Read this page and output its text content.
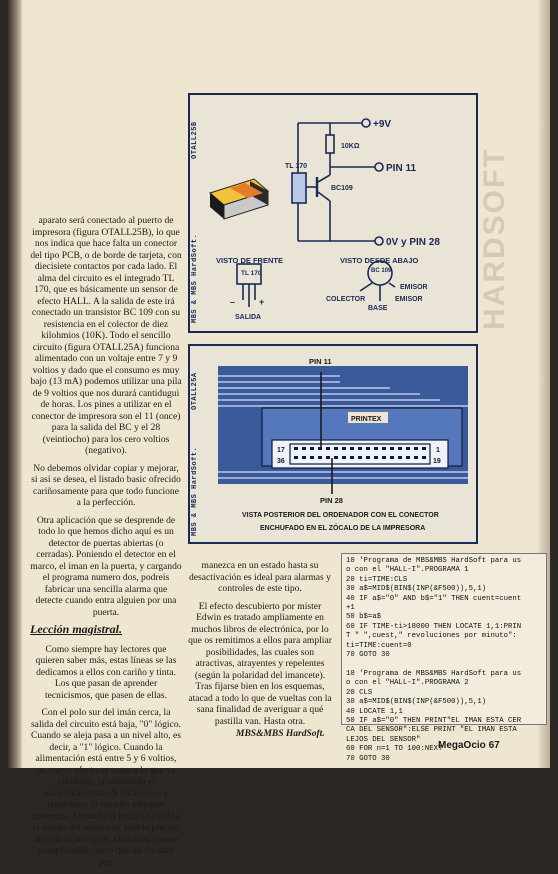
OTALL25B
MBS & MBS HardSoft.
+9V
10KΩ
TL 170
BC109
PIN 11
0V y PIN 28
VISTO DE FRENTE
TL 170
–	+
SALIDA
VISTO DESDE ABAJO
BC 109
EMISOR
COLECTOR
BASE
EMISOR
OTALL25A
MBS & MBS HardSoft.
PIN 11
PRINTEX
17
36
1
19
PIN 28
VISTA POSTERIOR DEL ORDENADOR CON EL CONECTOR
ENCHUFADO EN EL ZÓCALO DE LA IMPRESORA
HARDSOFT

aparato será conectado al puerto de impresora (figura OTALL25B), lo que nos indica que hace falta un conector del tipo PCB, o de borde de tarjeta, con diecisiete contactos por cada lado. El alma del circuito es el integrado TL 170, que es básicamente un sensor de efecto HALL. A la salida de este irá conectado un transistor BC 109 con su resistencia en el colector de diez kilohmios (10K). Todo el sencillo circuito (figura OTALL25A) funciona alimentado con un voltaje entre 7 y 9 voltios y dado que el consumo es muy bajo (13 mA) podemos utilizar una pila de 9 voltios que nos durará cantidugui de horas. Los pines a utilizar en el conector de impresora son el 11 (once) para la salida del BC y el 28 (veintiocho) para los cero voltios (negativo).

No debemos olvidar copiar y mejorar, si así se desea, el listado basic ofrecido cariñosamente para que todo funcione a la perfección.

Otra aplicación que se desprende de todo lo que hemos dicho aquí es un detector de puertas abiertas (o cerradas). Poniendo el detector en el marco, el iman en la puerta, y cargando el programa numero dos, podreis fabricar una sencilla alarma que detecte cuando entra alguien por una puerta.

Lección magistral.

Como siempre hay lectores que quieren saber más, estas líneas se las dedicamos a ellos con cariño y tinta. Los que pasan de aprender tecnicismos, que pasen de ellas.

Con el polo sur del imán cerca, la salida del circuito está baja, "0" lógico. Cuando se aleja pasa a un nivel alto, es decir, a "1" lógico. Cuando la alimentación está entre 5 y 6 voltios, un nuevo efecto se suma a lo que ya sabíamos, produciendo el encandilamiento de forámenes y residentes: el circuito adquiere memoria. Alejando el imán no cambia el estado del integrado, siendo preciso acercar el otro polo. Dicho así parece complicadillo, pero que un circuito per-

manezca en un estado hasta su desactivación es ideal para alarmas y controles de este tipo.

El efecto descubierto por mister Edwin es tratado ampliamente en muchos libros de electrónica, por lo que os remitimos a ellos para ampliar posibilidades, las cuales son atractivas, atrayentes y repelentes (según la polaridad del imancete). Tras fijarse bien en los esquemas, atacad a todo lo que de vueltas con la sana finalidad de averiguar a qué pastilla van. Hasta otra.

MBS&MBS HardSoft.
10 'Programa de MBS&MBS HardSoft para us
o con el "HALL-I".PROGRAMA 1
20 ti=TIME:CLS
30 a$=MID$(BIN$(INP(&F500)),5,1)
40 IF a$="0" AND b$="1" THEN cuent=cuent
+1
50 b$=a$
60 IF TIME-ti>18000 THEN LOCATE 1,1:PRIN
T " ",cuest," revoluciones por minuto":
ti=TIME:cuent=0
70 GOTO 30

10 'Programa de MBS&MBS HardSoft para us
o con el "HALL-I".PROGRAMA 2
20 CLS
30 a$=MID$(BIN$(INP(&F500)),5,1)
40 LOCATE 1,1
50 IF a$="0" THEN PRINT"EL IMAN ESTA CER
CA DEL SENSOR":ELSE PRINT "EL IMAN ESTA
LEJOS DEL SENSOR"
60 FOR n=1 TO 100:NEXT
70 GOTO 30
MegaOcio 67
